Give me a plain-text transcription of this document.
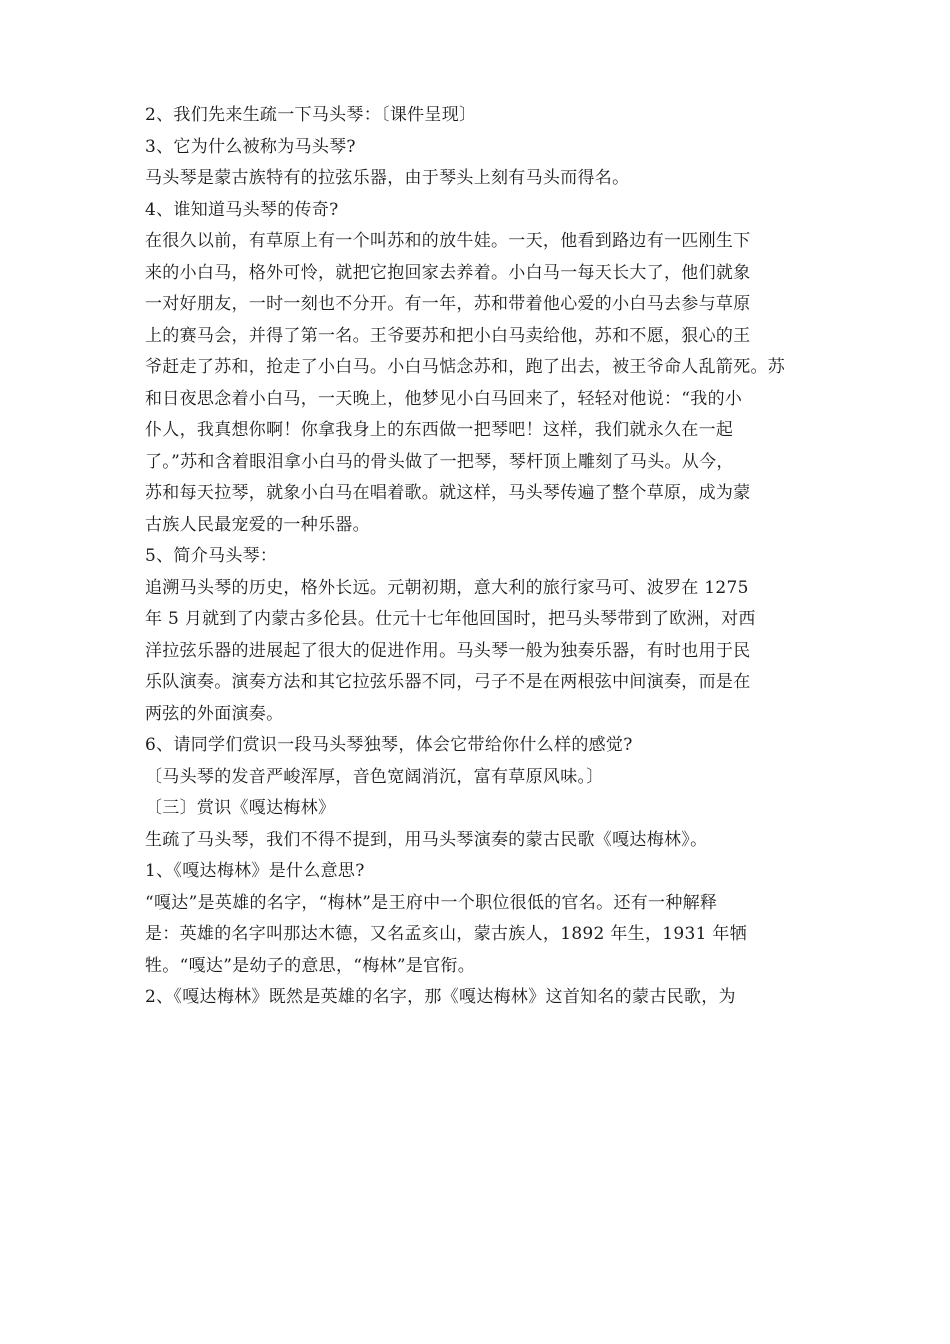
2、我们先来生疏一下马头琴：〔课件呈现〕
3、它为什么被称为马头琴?
马头琴是蒙古族特有的拉弦乐器，由于琴头上刻有马头而得名。
4、谁知道马头琴的传奇?
在很久以前，有草原上有一个叫苏和的放牛娃。一天，他看到路边有一匹刚生下
来的小白马，格外可怜，就把它抱回家去养着。小白马一每天长大了，他们就象
一对好朋友，一时一刻也不分开。有一年，苏和带着他心爱的小白马去参与草原
上的赛马会，并得了第一名。王爷要苏和把小白马卖给他，苏和不愿，狠心的王
爷赶走了苏和，抢走了小白马。小白马惦念苏和，跑了出去，被王爷命人乱箭死。苏
和日夜思念着小白马，一天晚上，他梦见小白马回来了，轻轻对他说：“我的小
仆人，我真想你啊！你拿我身上的东西做一把琴吧！这样，我们就永久在一起
了。”苏和含着眼泪拿小白马的骨头做了一把琴，琴杆顶上雕刻了马头。从今，
苏和每天拉琴，就象小白马在唱着歌。就这样，马头琴传遍了整个草原，成为蒙
古族人民最宠爱的一种乐器。
5、简介马头琴：
追溯马头琴的历史，格外长远。元朝初期，意大利的旅行家马可、波罗在 1275
年 5 月就到了内蒙古多伦县。仕元十七年他回国时，把马头琴带到了欧洲，对西
洋拉弦乐器的进展起了很大的促进作用。马头琴一般为独奏乐器，有时也用于民
乐队演奏。演奏方法和其它拉弦乐器不同，弓子不是在两根弦中间演奏，而是在
两弦的外面演奏。
6、请同学们赏识一段马头琴独琴，体会它带给你什么样的感觉?
〔马头琴的发音严峻浑厚，音色宽阔消沉，富有草原风味。〕
〔三〕赏识《嘎达梅林》
生疏了马头琴，我们不得不提到，用马头琴演奏的蒙古民歌《嘎达梅林》。
1、《嘎达梅林》是什么意思?
“嘎达”是英雄的名字，“梅林”是王府中一个职位很低的官名。还有一种解释
是：英雄的名字叫那达木德，又名孟亥山，蒙古族人，1892 年生，1931 年牺
牲。“嘎达”是幼子的意思，“梅林”是官衔。
2、《嘎达梅林》既然是英雄的名字，那《嘎达梅林》这首知名的蒙古民歌，为
